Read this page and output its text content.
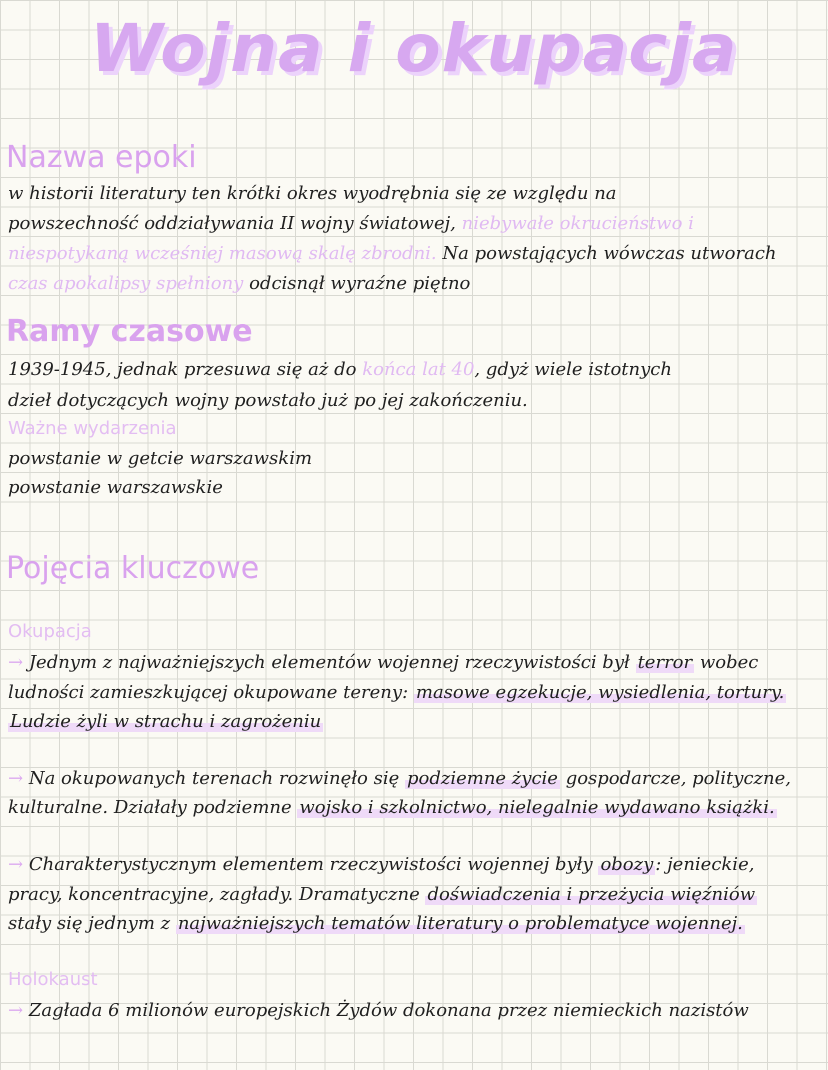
Wojna i okupacja
Nazwa epoki
w historii literatury ten krótki okres wyodrębnia się ze względu na
powszechność oddziaływania II wojny światowej, niebywałe okrucieństwo i
niespotykaną wcześniej masową skalę zbrodni. Na powstających wówczas utworach
czas apokalipsy spełniony odcisnął wyraźne piętno
Ramy czasowe
1939-1945, jednak przesuwa się aż do końca lat 40, gdyż wiele istotnych
dzieł dotyczących wojny powstało już po jej zakończeniu.
Ważne wydarzenia
powstanie w getcie warszawskim
powstanie warszawskie
Pojęcia kluczowe
Okupacja
→ Jednym z najważniejszych elementów wojennej rzeczywistości był terror wobec
ludności zamieszkującej okupowane tereny: masowe egzekucje, wysiedlenia, tortury.
Ludzie żyli w strachu i zagrożeniu
→ Na okupowanych terenach rozwinęło się podziemne życie gospodarcze, polityczne,
kulturalne. Działały podziemne wojsko i szkolnictwo, nielegalnie wydawano książki.
→ Charakterystycznym elementem rzeczywistości wojennej były obozy : jenieckie,
pracy, koncentracyjne, zagłady. Dramatyczne doświadczenia i przeżycia więźniów
stały się jednym z najważniejszych tematów literatury o problematyce wojennej.
Holokaust
→ Zagłada 6 milionów europejskich Żydów dokonana przez niemieckich nazistów
